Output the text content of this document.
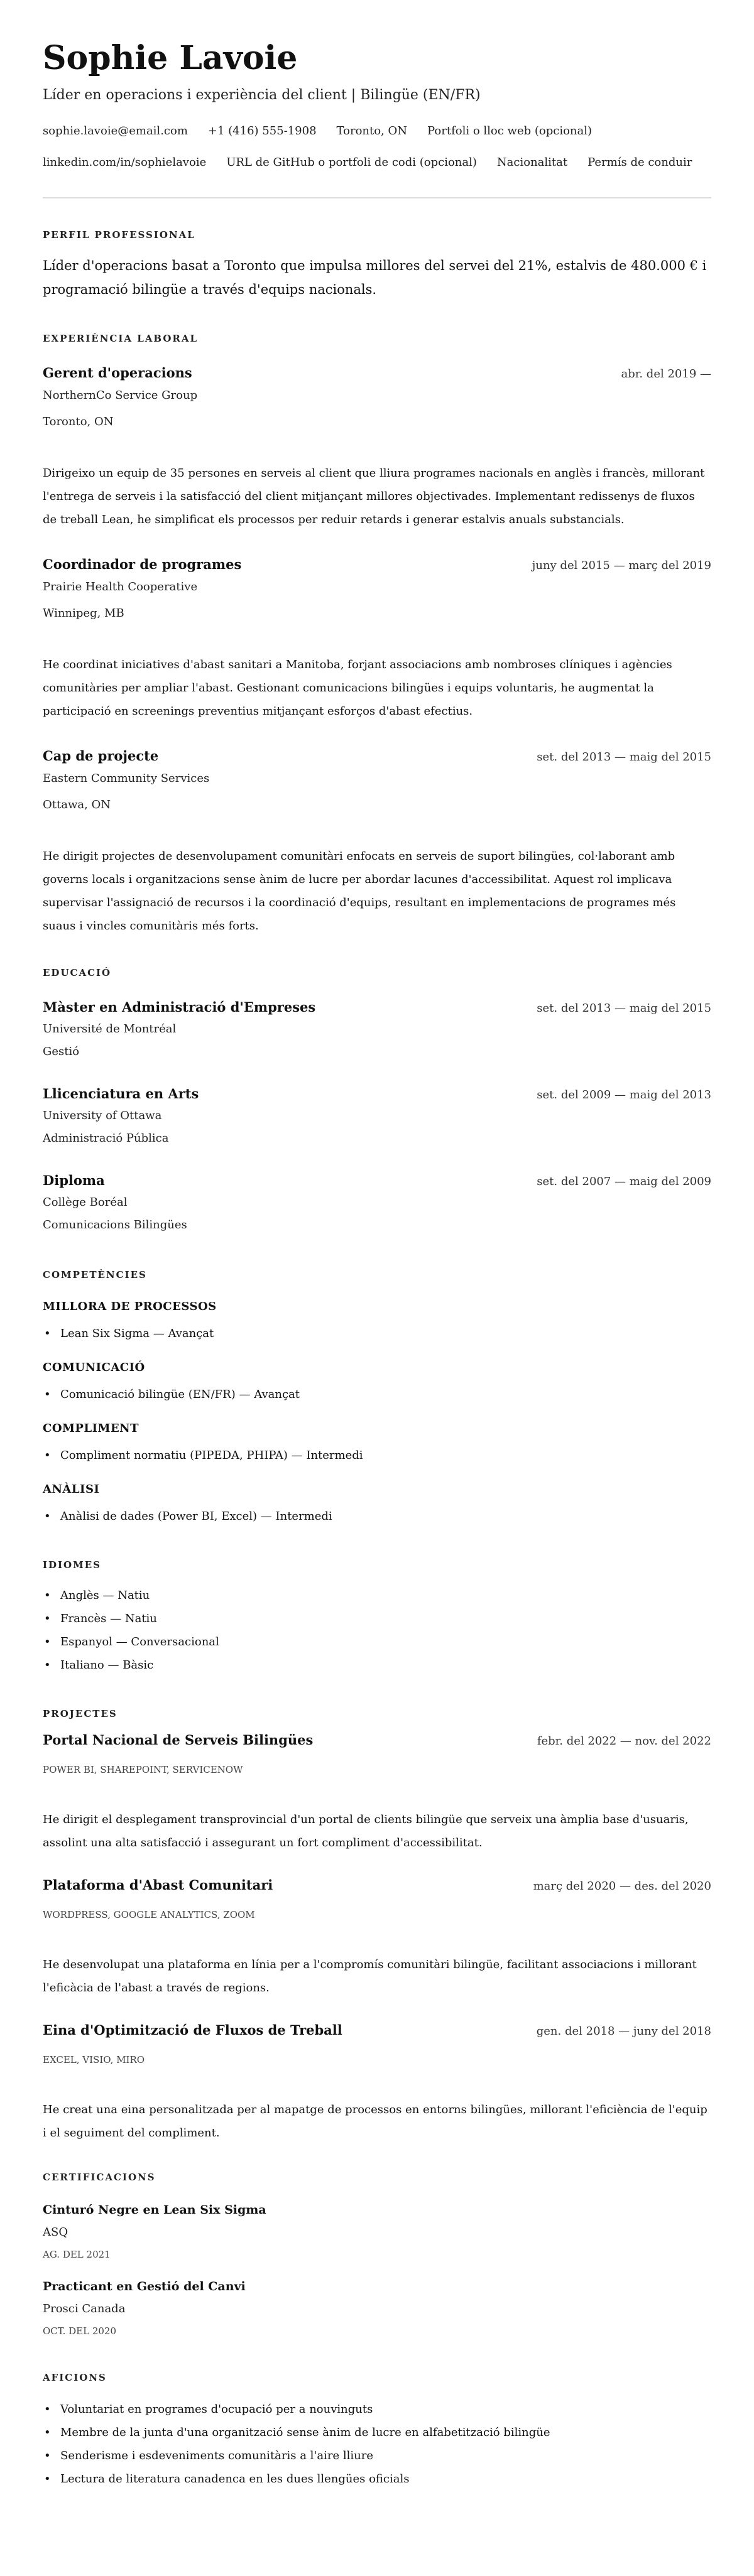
Sophie Lavoie
Líder en operacions i experiència del client | Bilingüe (EN/FR)
sophie.lavoie@email.com +1 (416) 555-1908 Toronto, ON Portfoli o lloc web (opcional)
linkedin.com/in/sophielavoie URL de GitHub o portfoli de codi (opcional) Nacionalitat Permís de conduir
PERFIL PROFESSIONAL

Líder d'operacions basat a Toronto que impulsa millores del servei del 21%, estalvis de 480.000 € i programació bilingüe a través d'equips nacionals.

EXPERIÈNCIA LABORAL
Gerent d'operacions	abr. del 2019 —
NorthernCo Service Group
Toronto, ON
Dirigeixo un equip de 35 persones en serveis al client que lliura programes nacionals en anglès i francès, millorant l'entrega de serveis i la satisfacció del client mitjançant millores objectivades. Implementant redissenys de fluxos de treball Lean, he simplificat els processos per reduir retards i generar estalvis anuals substancials.
Coordinador de programes	juny del 2015 — març del 2019
Prairie Health Cooperative
Winnipeg, MB
He coordinat iniciatives d'abast sanitari a Manitoba, forjant associacions amb nombroses clíniques i agències comunitàries per ampliar l'abast. Gestionant comunicacions bilingües i equips voluntaris, he augmentat la participació en screenings preventius mitjançant esforços d'abast efectius.
Cap de projecte	set. del 2013 — maig del 2015
Eastern Community Services
Ottawa, ON
He dirigit projectes de desenvolupament comunitàri enfocats en serveis de suport bilingües, col·laborant amb governs locals i organitzacions sense ànim de lucre per abordar lacunes d'accessibilitat. Aquest rol implicava supervisar l'assignació de recursos i la coordinació d'equips, resultant en implementacions de programes més suaus i vincles comunitàris més forts.
EDUCACIÓ
Màster en Administració d'Empreses	set. del 2013 — maig del 2015
Université de Montréal
Gestió
Llicenciatura en Arts	set. del 2009 — maig del 2013
University of Ottawa
Administració Pública
Diploma	set. del 2007 — maig del 2009
Collège Boréal
Comunicacions Bilingües
COMPETÈNCIES
MILLORA DE PROCESSOS
• Lean Six Sigma — Avançat
COMUNICACIÓ
• Comunicació bilingüe (EN/FR) — Avançat
COMPLIMENT
• Compliment normatiu (PIPEDA, PHIPA) — Intermedi
ANÀLISI
• Anàlisi de dades (Power BI, Excel) — Intermedi
IDIOMES
• Anglès — Natiu
• Francès — Natiu
• Espanyol — Conversacional
• Italiano — Bàsic
PROJECTES
Portal Nacional de Serveis Bilingües	febr. del 2022 — nov. del 2022
POWER BI, SHAREPOINT, SERVICENOW
He dirigit el desplegament transprovincial d'un portal de clients bilingüe que serveix una àmplia base d'usuaris, assolint una alta satisfacció i assegurant un fort compliment d'accessibilitat.
Plataforma d'Abast Comunitari	març del 2020 — des. del 2020
WORDPRESS, GOOGLE ANALYTICS, ZOOM
He desenvolupat una plataforma en línia per a l'compromís comunitàri bilingüe, facilitant associacions i millorant l'eficàcia de l'abast a través de regions.
Eina d'Optimització de Fluxos de Treball	gen. del 2018 — juny del 2018
EXCEL, VISIO, MIRO
He creat una eina personalitzada per al mapatge de processos en entorns bilingües, millorant l'eficiència de l'equip i el seguiment del compliment.
CERTIFICACIONS
Cinturó Negre en Lean Six Sigma
ASQ
AG. DEL 2021
Practicant en Gestió del Canvi
Prosci Canada
OCT. DEL 2020
AFICIONS
• Voluntariat en programes d'ocupació per a nouvinguts
• Membre de la junta d'una organització sense ànim de lucre en alfabetització bilingüe
• Senderisme i esdeveniments comunitàris a l'aire lliure
• Lectura de literatura canadenca en les dues llengües oficials
